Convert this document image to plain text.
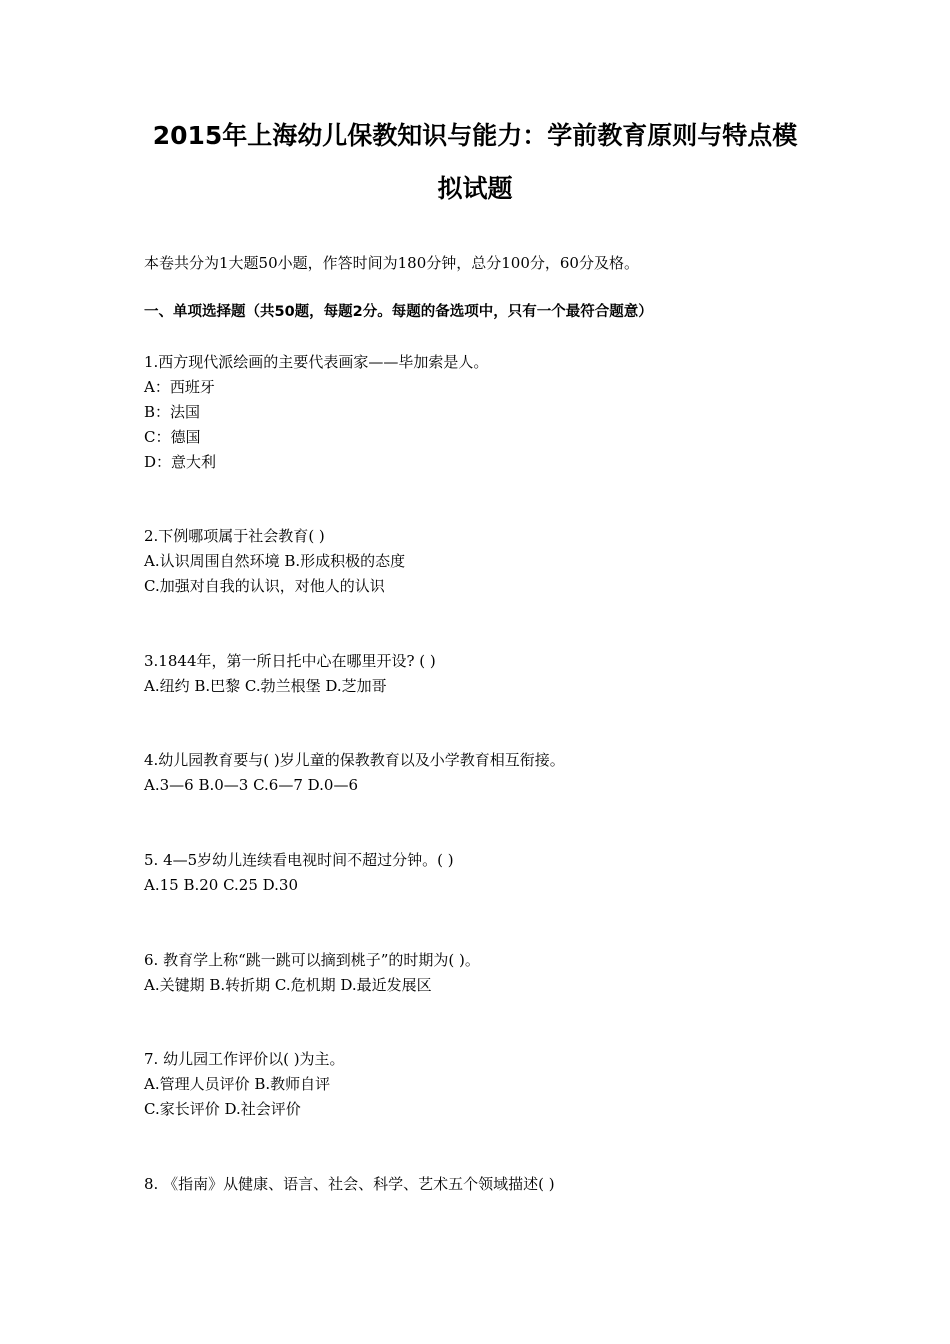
2015年上海幼儿保教知识与能力：学前教育原则与特点模
拟试题
本卷共分为1大题50小题，作答时间为180分钟，总分100分，60分及格。
一、单项选择题（共50题，每题2分。每题的备选项中，只有一个最符合题意）
1.西方现代派绘画的主要代表画家——毕加索是人。
A：西班牙
B：法国
C：德国
D：意大利
2.下例哪项属于社会教育( )
A.认识周围自然环境 B.形成积极的态度
C.加强对自我的认识，对他人的认识
3.1844年，第一所日托中心在哪里开设? ( )
A.纽约 B.巴黎 C.勃兰根堡 D.芝加哥
4.幼儿园教育要与( )岁儿童的保教教育以及小学教育相互衔接。
A.3—6 B.0—3 C.6—7 D.0—6
5. 4—5岁幼儿连续看电视时间不超过分钟。( )
A.15 B.20 C.25 D.30
6. 教育学上称“跳一跳可以摘到桃子”的时期为( )。
A.关键期 B.转折期 C.危机期 D.最近发展区
7. 幼儿园工作评价以( )为主。
A.管理人员评价 B.教师自评
C.家长评价 D.社会评价
8. 《指南》从健康、语言、社会、科学、艺术五个领域描述( )
